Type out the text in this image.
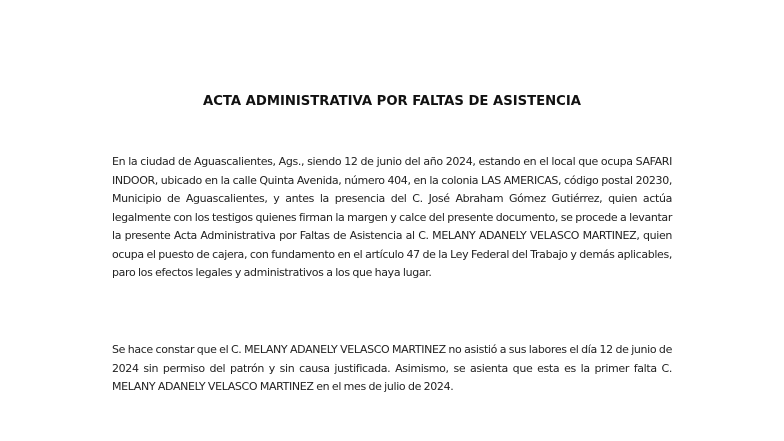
ACTA ADMINISTRATIVA POR FALTAS DE ASISTENCIA

En la ciudad de Aguascalientes, Ags., siendo 12 de junio del año 2024, estando en el local que ocupa SAFARI INDOOR, ubicado en la calle Quinta Avenida, número 404, en la colonia LAS AMERICAS, código postal 20230, Municipio de Aguascalientes, y antes la presencia del C. José Abraham Gómez Gutiérrez, quien actúa legalmente con los testigos quienes firman la margen y calce del presente documento, se procede a levantar la presente Acta Administrativa por Faltas de Asistencia al C. MELANY ADANELY VELASCO MARTINEZ, quien ocupa el puesto de cajera, con fundamento en el artículo 47 de la Ley Federal del Trabajo y demás aplicables, paro los efectos legales y administrativos a los que haya lugar.

Se hace constar que el C. MELANY ADANELY VELASCO MARTINEZ no asistió a sus labores el día 12 de junio de 2024 sin permiso del patrón y sin causa justificada. Asimismo, se asienta que esta es la primer falta C. MELANY ADANELY VELASCO MARTINEZ en el mes de julio de 2024.
